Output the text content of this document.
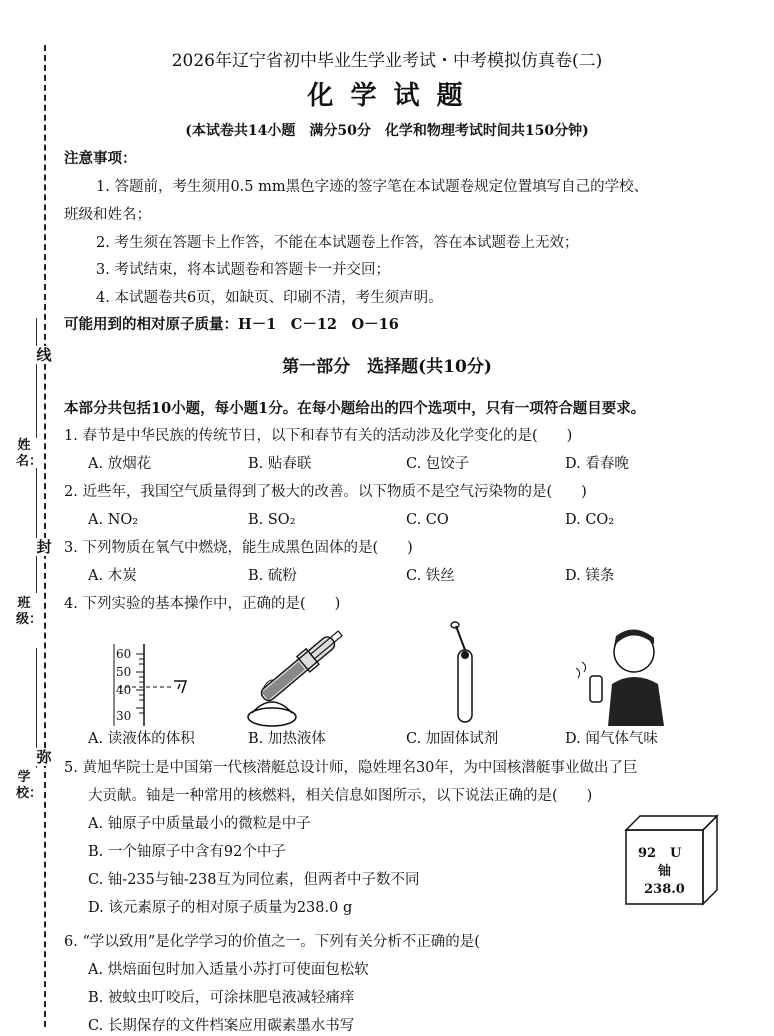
姓名：
班级：
学校：
线
封
弥
2026年辽宁省初中毕业生学业考试・中考模拟仿真卷(二)
化 学 试 题
(本试卷共14小题　满分50分　化学和物理考试时间共150分钟)
注意事项：
1. 答题前，考生须用0.5 mm黑色字迹的签字笔在本试题卷规定位置填写自己的学校、
班级和姓名；
2. 考生须在答题卡上作答，不能在本试题卷上作答，答在本试题卷上无效；
3. 考试结束，将本试题卷和答题卡一并交回；
4. 本试题卷共6页，如缺页、印刷不清，考生须声明。
可能用到的相对原子质量：H－1　C－12　O－16
第一部分　选择题(共10分)
本部分共包括10小题，每小题1分。在每小题给出的四个选项中，只有一项符合题目要求。
1. 春节是中华民族的传统节日，以下和春节有关的活动涉及化学变化的是(　　)
A. 放烟花	B. 贴春联	C. 包饺子	D. 看春晚
2. 近些年，我国空气质量得到了极大的改善。以下物质不是空气污染物的是(　　)
A. NO₂	B. SO₂	C. CO	D. CO₂
3. 下列物质在氧气中燃烧，能生成黑色固体的是(　　)
A. 木炭	B. 硫粉	C. 铁丝	D. 镁条
4. 下列实验的基本操作中，正确的是(　　)
60
50
40
30
A. 读液体的体积	B. 加热液体	C. 加固体试剂	D. 闻气体气味
5. 黄旭华院士是中国第一代核潜艇总设计师，隐姓埋名30年，为中国核潜艇事业做出了巨
大贡献。铀是一种常用的核燃料，相关信息如图所示，以下说法正确的是(　　)
A. 铀原子中质量最小的微粒是中子
B. 一个铀原子中含有92个中子
C. 铀-235与铀-238互为同位素，但两者中子数不同
D. 该元素原子的相对原子质量为238.0 g
92 U
铀
238.0
6. “学以致用”是化学学习的价值之一。下列有关分析不正确的是(
A. 烘焙面包时加入适量小苏打可使面包松软
B. 被蚊虫叮咬后，可涂抹肥皂液减轻痛痒
C. 长期保存的文件档案应用碳素墨水书写
